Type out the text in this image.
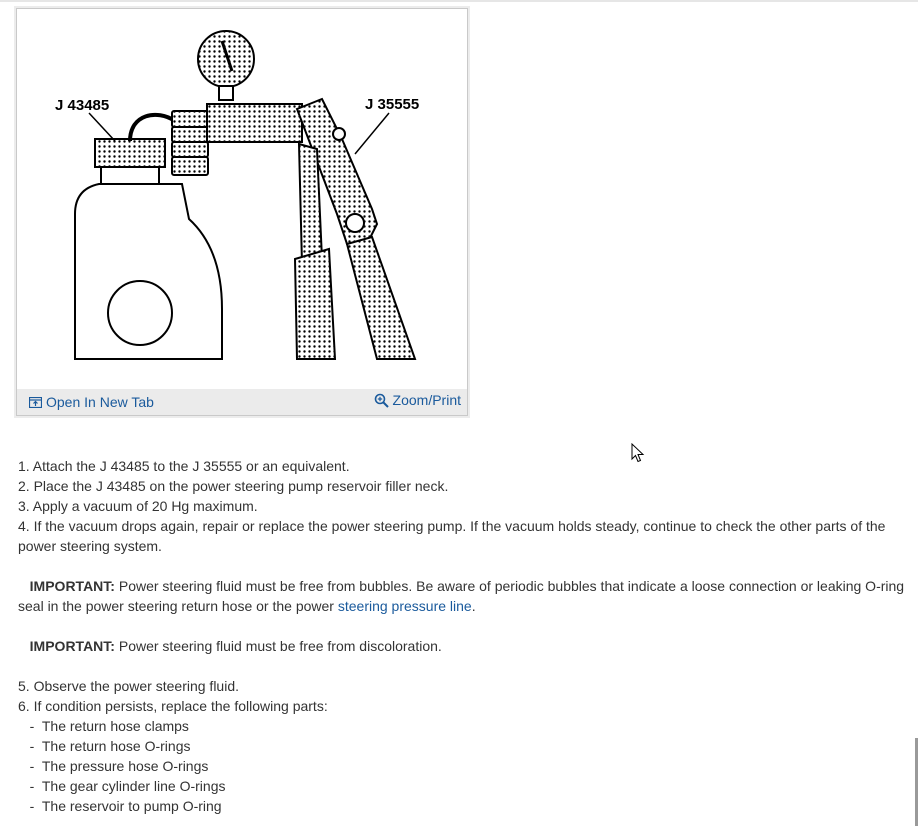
J 43485	J 35555
Open In New Tab	Zoom/Print
1. Attach the J 43485 to the J 35555 or an equivalent.
2. Place the J 43485 on the power steering pump reservoir filler neck.
3. Apply a vacuum of 20 Hg maximum.
4. If the vacuum drops again, repair or replace the power steering pump. If the vacuum holds steady, continue to check the other parts of the power steering system.
IMPORTANT: Power steering fluid must be free from bubbles. Be aware of periodic bubbles that indicate a loose connection or leaking O-ring seal in the power steering return hose or the power steering pressure line.
IMPORTANT: Power steering fluid must be free from discoloration.
5. Observe the power steering fluid.
6. If condition persists, replace the following parts:
-  The return hose clamps
-  The return hose O-rings
-  The pressure hose O-rings
-  The gear cylinder line O-rings
-  The reservoir to pump O-ring
